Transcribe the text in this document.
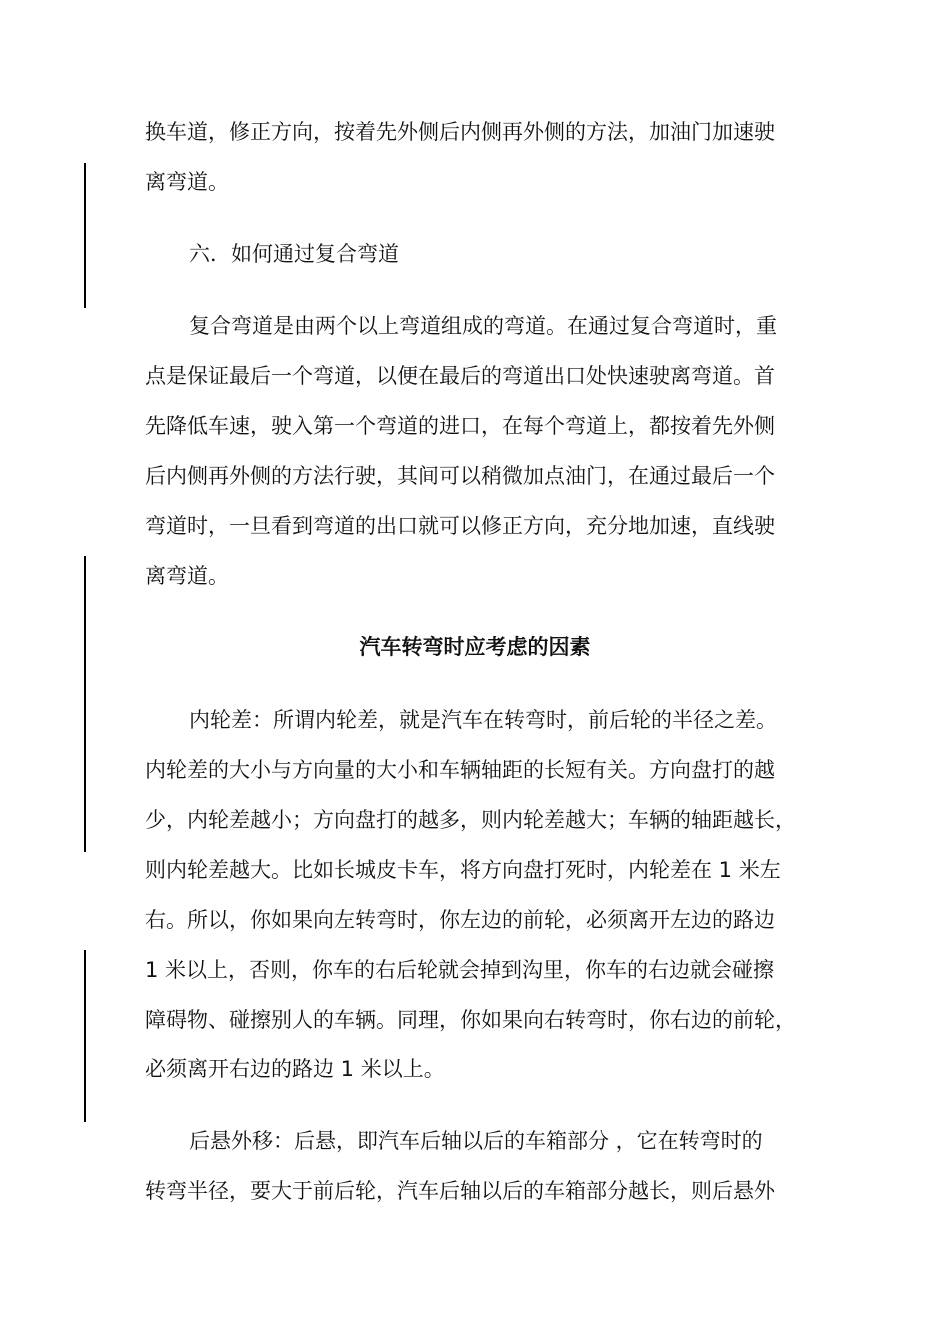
换车道，修正方向，按着先外侧后内侧再外侧的方法，加油门加速驶
离弯道。
六．如何通过复合弯道
复合弯道是由两个以上弯道组成的弯道。在通过复合弯道时，重
点是保证最后一个弯道，以便在最后的弯道出口处快速驶离弯道。首
先降低车速，驶入第一个弯道的进口，在每个弯道上，都按着先外侧
后内侧再外侧的方法行驶，其间可以稍微加点油门，在通过最后一个
弯道时，一旦看到弯道的出口就可以修正方向，充分地加速，直线驶
离弯道。
汽车转弯时应考虑的因素
内轮差：所谓内轮差，就是汽车在转弯时，前后轮的半径之差。
内轮差的大小与方向量的大小和车辆轴距的长短有关。方向盘打的越
少，内轮差越小；方向盘打的越多，则内轮差越大；车辆的轴距越长，
则内轮差越大。比如长城皮卡车，将方向盘打死时，内轮差在 1 米左
右。所以，你如果向左转弯时，你左边的前轮，必须离开左边的路边
1 米以上，否则，你车的右后轮就会掉到沟里，你车的右边就会碰擦
障碍物、碰擦别人的车辆。同理，你如果向右转弯时，你右边的前轮，
必须离开右边的路边 1 米以上。
后悬外移：后悬，即汽车后轴以后的车箱部分 ，它在转弯时的
转弯半径，要大于前后轮，汽车后轴以后的车箱部分越长，则后悬外
